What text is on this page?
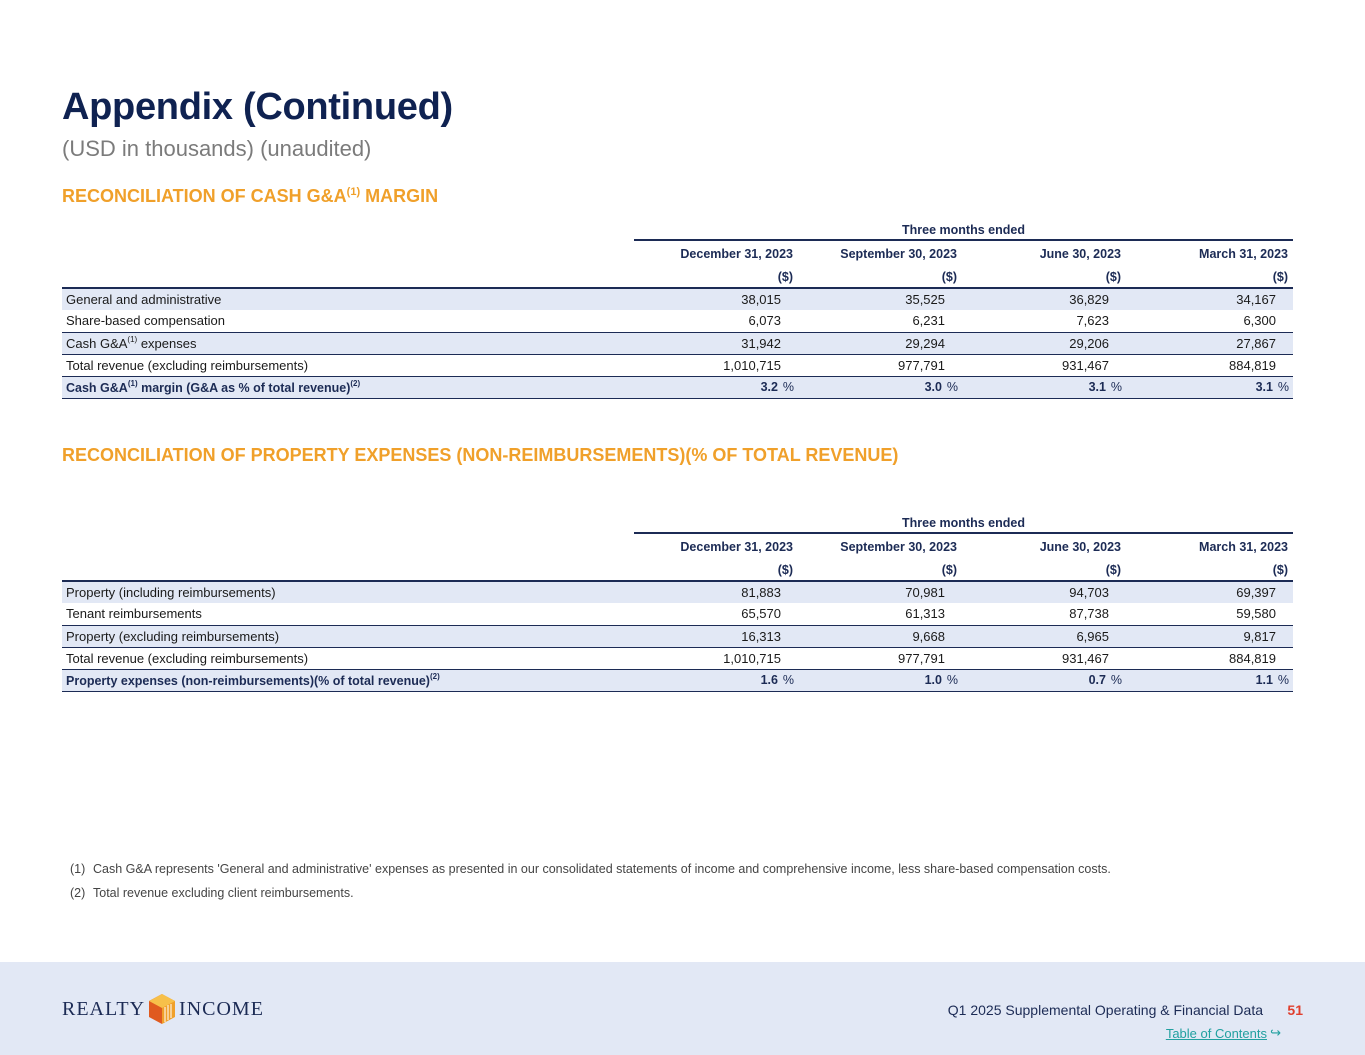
Appendix (Continued)
(USD in thousands) (unaudited)
RECONCILIATION OF CASH $G\&A^{(1)}$ MARGIN
	Three months ended			
	December 31, 2023	September 30, 2023	June 30, 2023	March 31, 2023
	($)	($)	($)	($)
General and administrative	38,015	35,525	36,829	34,167
Share-based compensation	6,073	6,231	7,623	6,300
Cash $G\&A^{(1)}$ expenses	31,942	29,294	29,206	27,867
Total revenue (excluding reimbursements)	1,010,715	977,791	931,467	884,819
Cash $G\&A^{(1)}$ margin (G&A as % of total revenue)$^{(2)}$	3.2 %	3.0 %	3.1 %	3.1 %
RECONCILIATION OF PROPERTY EXPENSES (NON-REIMBURSEMENTS)(% OF TOTAL REVENUE)
	Three months ended			
	December 31, 2023	September 30, 2023	June 30, 2023	March 31, 2023
	($)	($)	($)	($)
Property (including reimbursements)	81,883	70,981	94,703	69,397
Tenant reimbursements	65,570	61,313	87,738	59,580
Property (excluding reimbursements)	16,313	9,668	6,965	9,817
Total revenue (excluding reimbursements)	1,010,715	977,791	931,467	884,819
Property expenses (non-reimbursements)(% of total revenue)$^{(2)}$	1.6 %	1.0 %	0.7 %	1.1 %
(1) Cash G&A represents 'General and administrative' expenses as presented in our consolidated statements of income and comprehensive income, less share-based compensation costs.
(2) Total revenue excluding client reimbursements.
REALTY INCOME	Q1 2025 Supplemental Operating & Financial Data 51
Table of Contents ↪
